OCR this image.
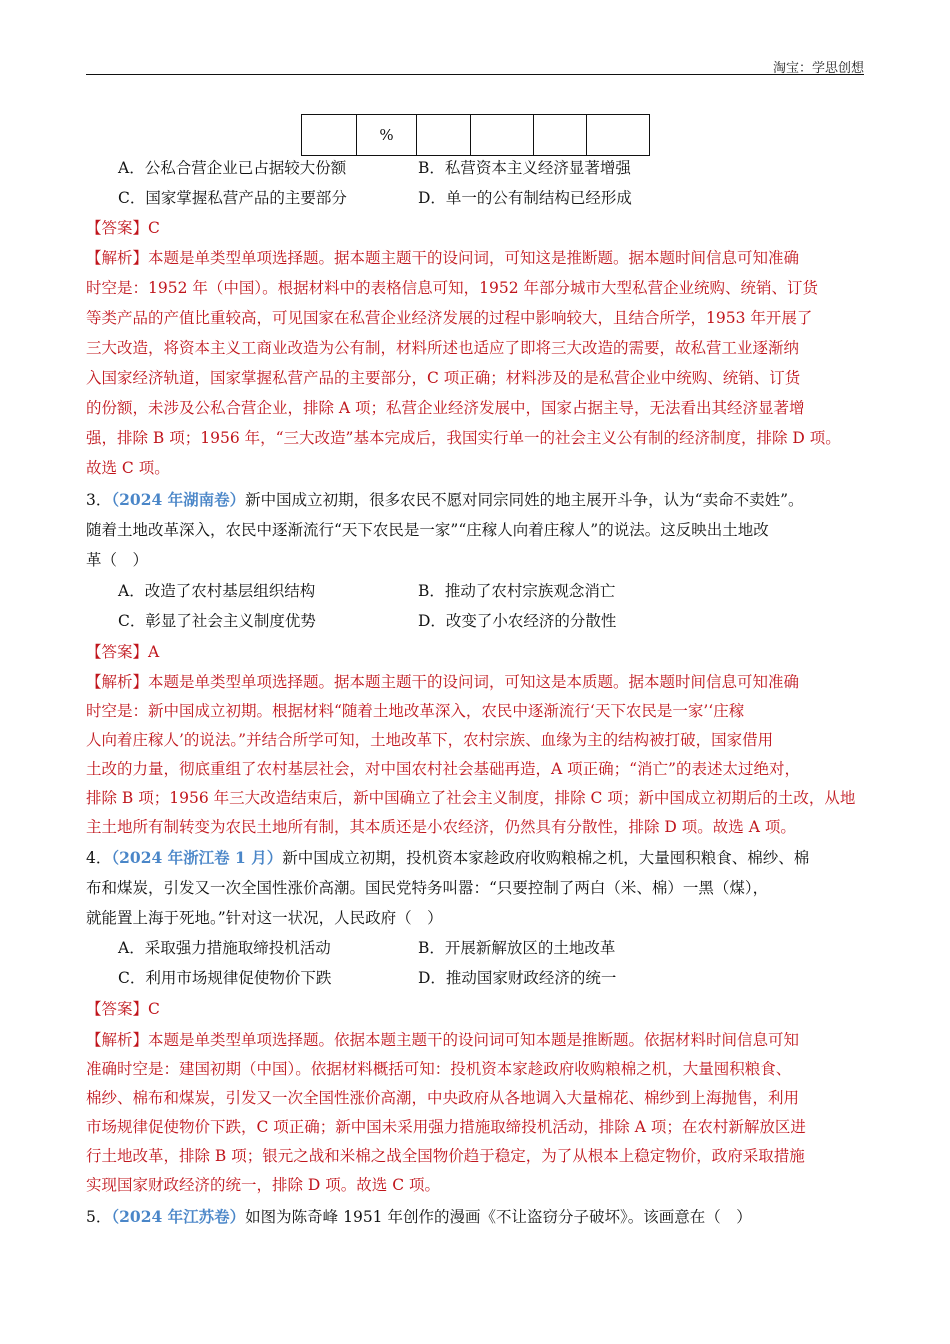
淘宝：学思创想
	%				
A．公私合营企业已占据较大份额	B．私营资本主义经济显著增强
C．国家掌握私营产品的主要部分	D．单一的公有制结构已经形成
【答案】C
【解析】本题是单类型单项选择题。据本题主题干的设问词，可知这是推断题。据本题时间信息可知准确
时空是：1952 年（中国）。根据材料中的表格信息可知，1952 年部分城市大型私营企业统购、统销、订货
等类产品的产值比重较高，可见国家在私营企业经济发展的过程中影响较大，且结合所学，1953 年开展了
三大改造，将资本主义工商业改造为公有制，材料所述也适应了即将三大改造的需要，故私营工业逐渐纳
入国家经济轨道，国家掌握私营产品的主要部分，C 项正确；材料涉及的是私营企业中统购、统销、订货
的份额，未涉及公私合营企业，排除 A 项；私营企业经济发展中，国家占据主导，无法看出其经济显著增
强，排除 B 项；1956 年，“三大改造”基本完成后，我国实行单一的社会主义公有制的经济制度，排除 D 项。
故选 C 项。
3．（2024 年湖南卷）新中国成立初期，很多农民不愿对同宗同姓的地主展开斗争，认为“卖命不卖姓”。
随着土地改革深入，农民中逐渐流行“天下农民是一家”“庄稼人向着庄稼人”的说法。这反映出土地改
革（　）
A．改造了农村基层组织结构	B．推动了农村宗族观念消亡
C．彰显了社会主义制度优势	D．改变了小农经济的分散性
【答案】A
【解析】本题是单类型单项选择题。据本题主题干的设问词，可知这是本质题。据本题时间信息可知准确
时空是：新中国成立初期。根据材料“随着土地改革深入，农民中逐渐流行‘天下农民是一家’‘庄稼
人向着庄稼人’的说法。”并结合所学可知，土地改革下，农村宗族、血缘为主的结构被打破，国家借用
土改的力量，彻底重组了农村基层社会，对中国农村社会基础再造，A 项正确；“消亡”的表述太过绝对，
排除 B 项；1956 年三大改造结束后，新中国确立了社会主义制度，排除 C 项；新中国成立初期后的土改，从地
主土地所有制转变为农民土地所有制，其本质还是小农经济，仍然具有分散性，排除 D 项。故选 A 项。
4．（2024 年浙江卷 1 月）新中国成立初期，投机资本家趁政府收购粮棉之机，大量囤积粮食、棉纱、棉
布和煤炭，引发又一次全国性涨价高潮。国民党特务叫嚣：“只要控制了两白（米、棉）一黑（煤），
就能置上海于死地。”针对这一状况，人民政府（　）
A．采取强力措施取缔投机活动	B．开展新解放区的土地改革
C．利用市场规律促使物价下跌	D．推动国家财政经济的统一
【答案】C
【解析】本题是单类型单项选择题。依据本题主题干的设问词可知本题是推断题。依据材料时间信息可知
准确时空是：建国初期（中国）。依据材料概括可知：投机资本家趁政府收购粮棉之机，大量囤积粮食、
棉纱、棉布和煤炭，引发又一次全国性涨价高潮，中央政府从各地调入大量棉花、棉纱到上海抛售，利用
市场规律促使物价下跌，C 项正确；新中国未采用强力措施取缔投机活动，排除 A 项；在农村新解放区进
行土地改革，排除 B 项；银元之战和米棉之战全国物价趋于稳定，为了从根本上稳定物价，政府采取措施
实现国家财政经济的统一，排除 D 项。故选 C 项。
5．（2024 年江苏卷）如图为陈奇峰 1951 年创作的漫画《不让盗窃分子破坏》。该画意在（　）
